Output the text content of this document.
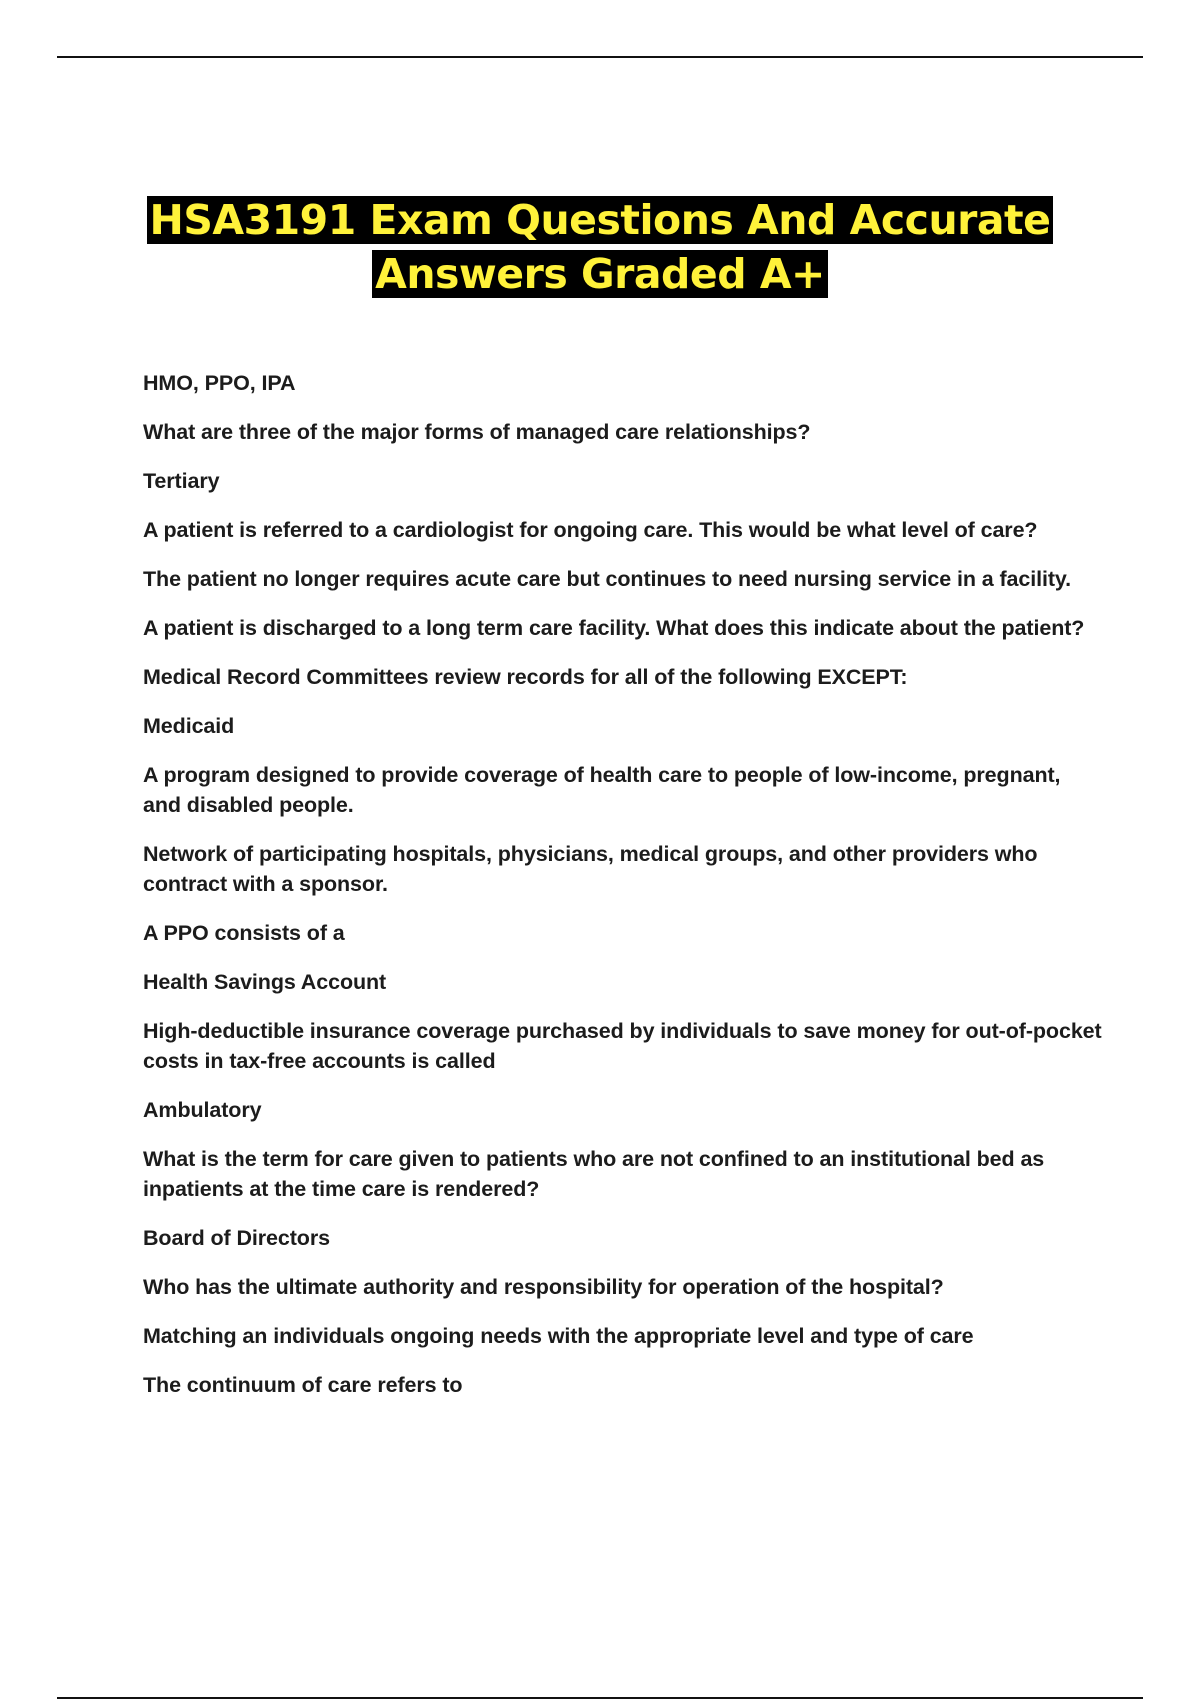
HSA3191 Exam Questions And Accurate
Answers Graded A+

HMO, PPO, IPA

What are three of the major forms of managed care relationships?

Tertiary

A patient is referred to a cardiologist for ongoing care. This would be what level of care?

The patient no longer requires acute care but continues to need nursing service in a facility.

A patient is discharged to a long term care facility. What does this indicate about the patient?

Medical Record Committees review records for all of the following EXCEPT:

Medicaid

A program designed to provide coverage of health care to people of low-income, pregnant, and disabled people.

Network of participating hospitals, physicians, medical groups, and other providers who contract with a sponsor.

A PPO consists of a

Health Savings Account

High-deductible insurance coverage purchased by individuals to save money for out-of-pocket costs in tax-free accounts is called

Ambulatory

What is the term for care given to patients who are not confined to an institutional bed as inpatients at the time care is rendered?

Board of Directors

Who has the ultimate authority and responsibility for operation of the hospital?

Matching an individuals ongoing needs with the appropriate level and type of care

The continuum of care refers to
